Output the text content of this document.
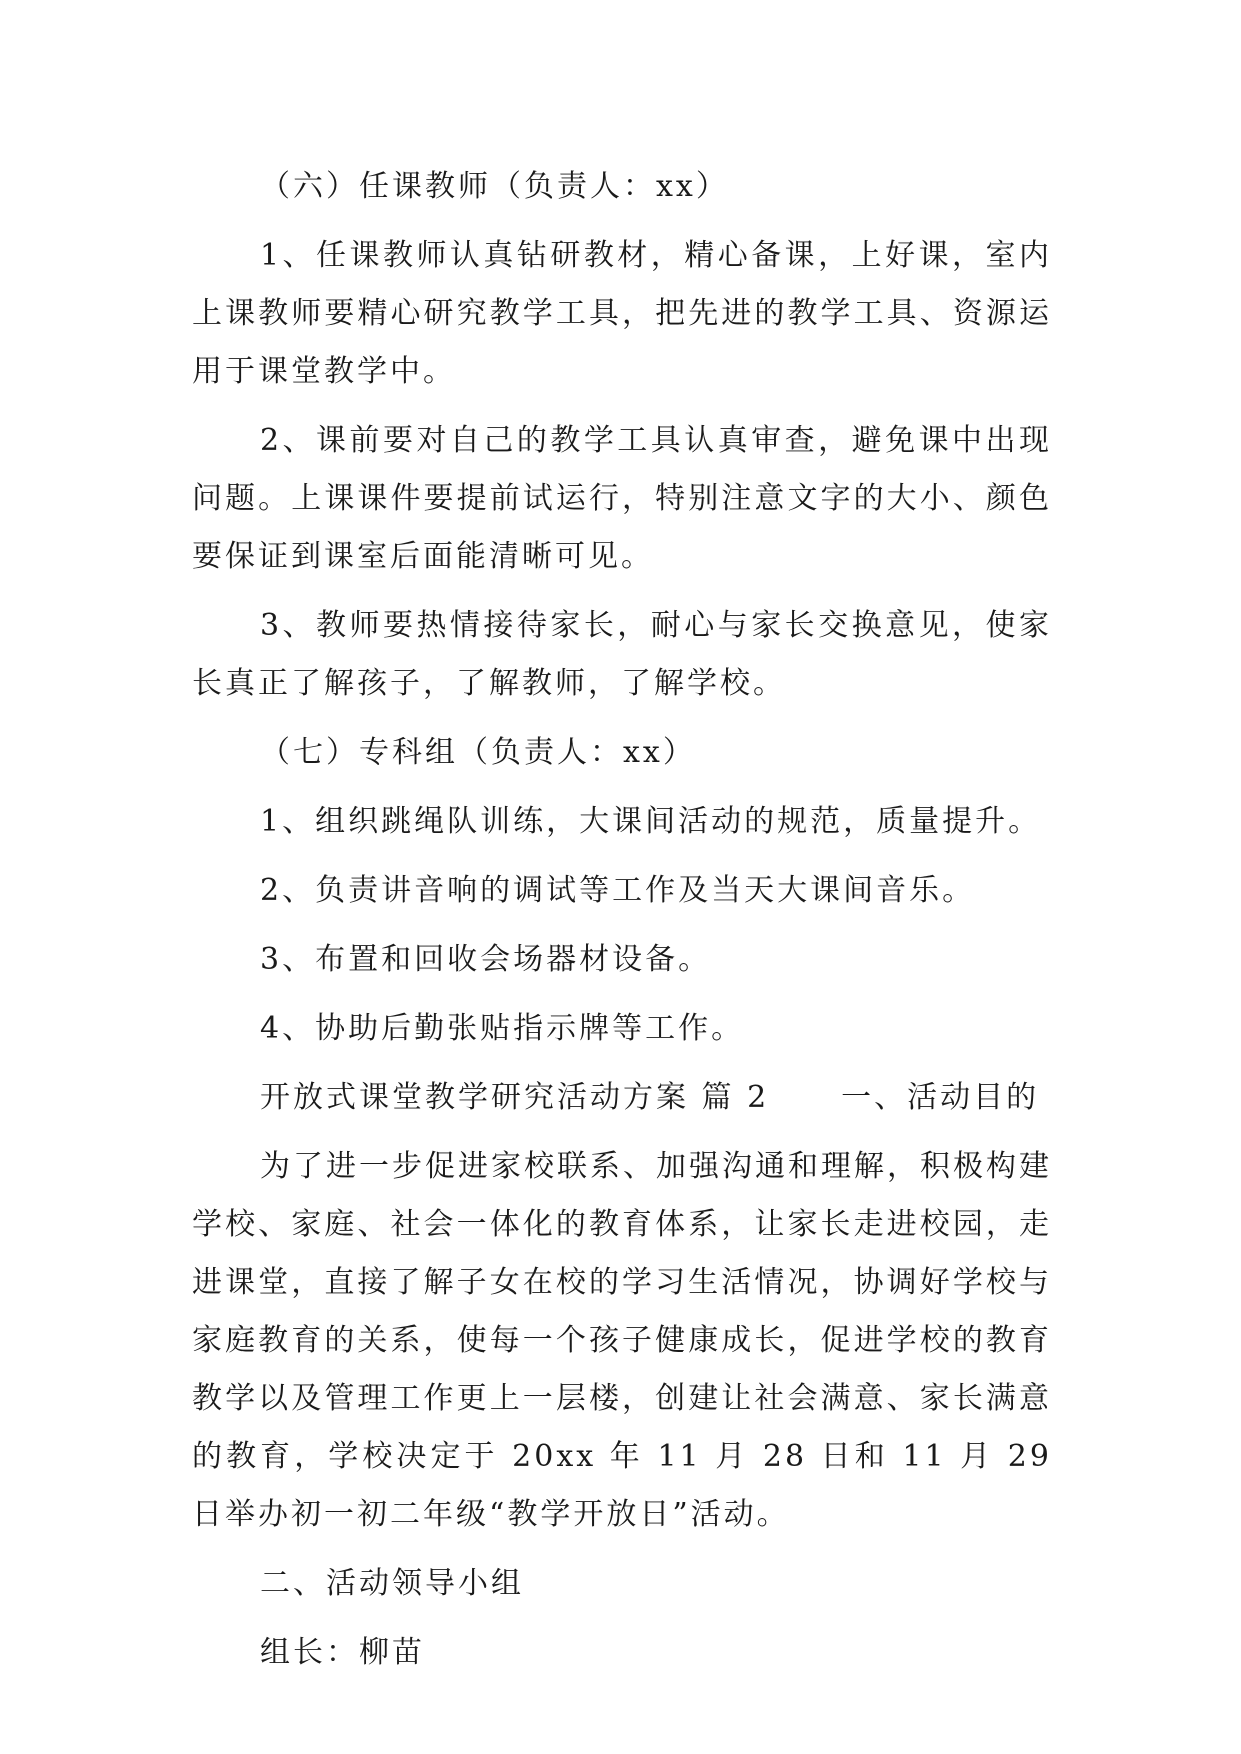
（六）任课教师（负责人：xx）

1、任课教师认真钻研教材，精心备课，上好课，室内上课教师要精心研究教学工具，把先进的教学工具、资源运用于课堂教学中。

2、课前要对自己的教学工具认真审查，避免课中出现问题。上课课件要提前试运行，特别注意文字的大小、颜色要保证到课室后面能清晰可见。

3、教师要热情接待家长，耐心与家长交换意见，使家长真正了解孩子，了解教师，了解学校。

（七）专科组（负责人：xx）

1、组织跳绳队训练，大课间活动的规范，质量提升。

2、负责讲音响的调试等工作及当天大课间音乐。

3、布置和回收会场器材设备。

4、协助后勤张贴指示牌等工作。

开放式课堂教学研究活动方案 篇 2 一、活动目的

为了进一步促进家校联系、加强沟通和理解，积极构建学校、家庭、社会一体化的教育体系，让家长走进校园，走进课堂，直接了解子女在校的学习生活情况，协调好学校与家庭教育的关系，使每一个孩子健康成长，促进学校的教育教学以及管理工作更上一层楼，创建让社会满意、家长满意的教育，学校决定于 20xx 年 11 月 28 日和 11 月 29 日举办初一初二年级“教学开放日”活动。

二、活动领导小组

组长：柳苗
